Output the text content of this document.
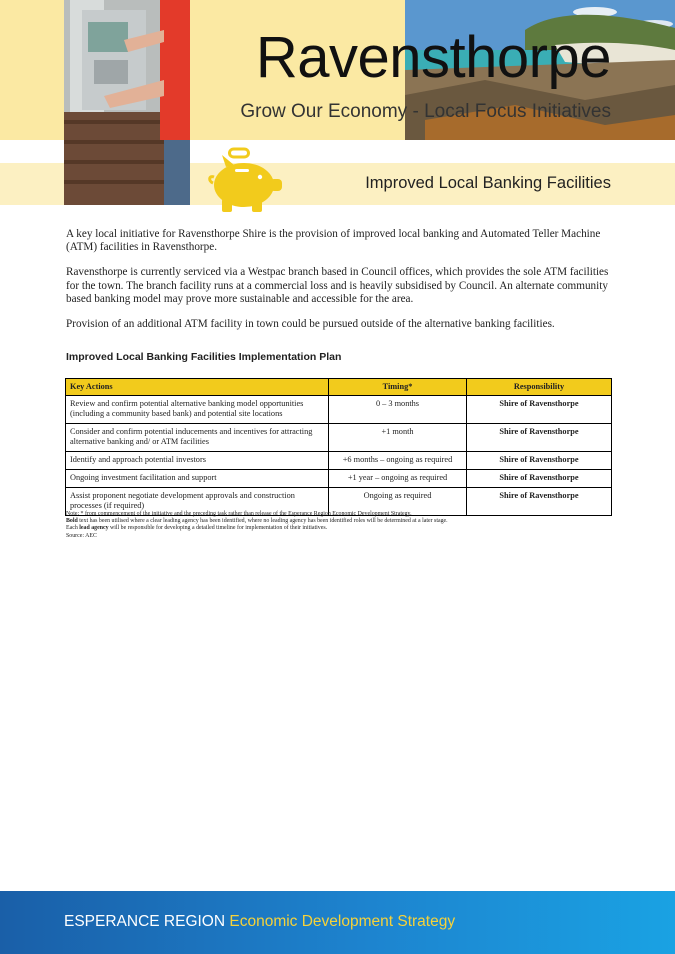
Ravensthorpe
Grow Our Economy - Local Focus Initiatives
Improved Local Banking Facilities

A key local initiative for Ravensthorpe Shire is the provision of improved local banking and Automated Teller Machine (ATM) facilities in Ravensthorpe.

Ravensthorpe is currently serviced via a Westpac branch based in Council offices, which provides the sole ATM facilities for the town. The branch facility runs at a commercial loss and is heavily subsidised by Council. An alternate community based banking model may prove more sustainable and accessible for the area.

Provision of an additional ATM facility in town could be pursued outside of the alternative banking facilities.

Improved Local Banking Facilities Implementation Plan
Key Actions	Timing*	Responsibility
Review and confirm potential alternative banking model opportunities (including a community based bank) and potential site locations	0 – 3 months	Shire of Ravensthorpe
Consider and confirm potential inducements and incentives for attracting alternative banking and/ or ATM facilities	+1 month	Shire of Ravensthorpe
Identify and approach potential investors	+6 months – ongoing as required	Shire of Ravensthorpe
Ongoing investment facilitation and support	+1 year – ongoing as required	Shire of Ravensthorpe
Assist proponent negotiate development approvals and construction processes (if required)	Ongoing as required	Shire of Ravensthorpe
Note: * from commencement of the initiative and the preceding task rather than release of the Esperance Region Economic Development Strategy.
Bold text has been utilised where a clear leading agency has been identified, where no leading agency has been identified roles will be determined at a later stage.
Each lead agency will be responsible for developing a detailed timeline for implementation of their initiatives.
Source: AEC
ESPERANCE REGION Economic Development Strategy
